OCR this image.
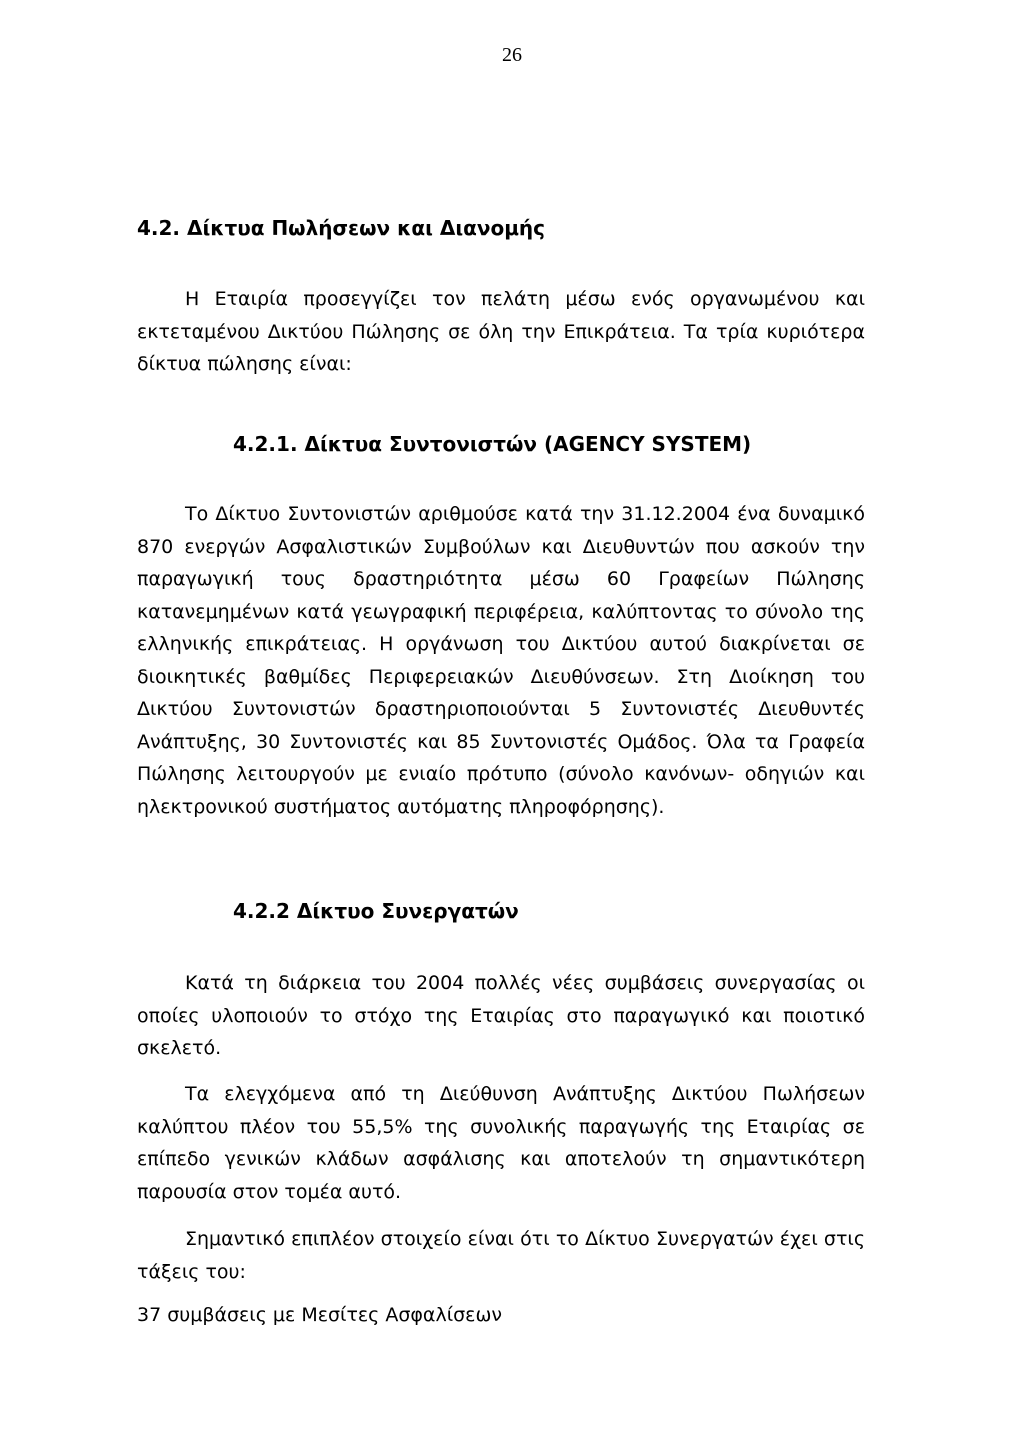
26
4.2. Δίκτυα Πωλήσεων και Διανομής
Η Εταιρία προσεγγίζει τον πελάτη μέσω ενός οργανωμένου και εκτεταμένου Δικτύου Πώλησης σε όλη την Επικράτεια. Τα τρία κυριότερα δίκτυα πώλησης είναι:
4.2.1. Δίκτυα Συντονιστών (AGENCY SYSTEM)
Το Δίκτυο Συντονιστών αριθμούσε κατά την 31.12.2004 ένα δυναμικό 870 ενεργών Ασφαλιστικών Συμβούλων και Διευθυντών που ασκούν την παραγωγική τους δραστηριότητα μέσω 60 Γραφείων Πώλησης κατανεμημένων κατά γεωγραφική περιφέρεια, καλύπτοντας το σύνολο της ελληνικής επικράτειας. Η οργάνωση του Δικτύου αυτού διακρίνεται σε διοικητικές βαθμίδες Περιφερειακών Διευθύνσεων. Στη Διοίκηση του Δικτύου Συντονιστών δραστηριοποιούνται 5 Συντονιστές Διευθυντές Ανάπτυξης, 30 Συντονιστές και 85 Συντονιστές Ομάδος. Όλα τα Γραφεία Πώλησης λειτουργούν με ενιαίο πρότυπο (σύνολο κανόνων- οδηγιών και ηλεκτρονικού συστήματος αυτόματης πληροφόρησης).
4.2.2 Δίκτυο Συνεργατών
Κατά τη διάρκεια του 2004 πολλές νέες συμβάσεις συνεργασίας οι οποίες υλοποιούν το στόχο της Εταιρίας στο παραγωγικό και ποιοτικό σκελετό.
Τα ελεγχόμενα από τη Διεύθυνση Ανάπτυξης Δικτύου Πωλήσεων καλύπτου πλέον του 55,5% της συνολικής παραγωγής της Εταιρίας σε επίπεδο γενικών κλάδων ασφάλισης και αποτελούν τη σημαντικότερη παρουσία στον τομέα αυτό.
Σημαντικό επιπλέον στοιχείο είναι ότι το Δίκτυο Συνεργατών έχει στις τάξεις του:
37 συμβάσεις με Μεσίτες Ασφαλίσεων
